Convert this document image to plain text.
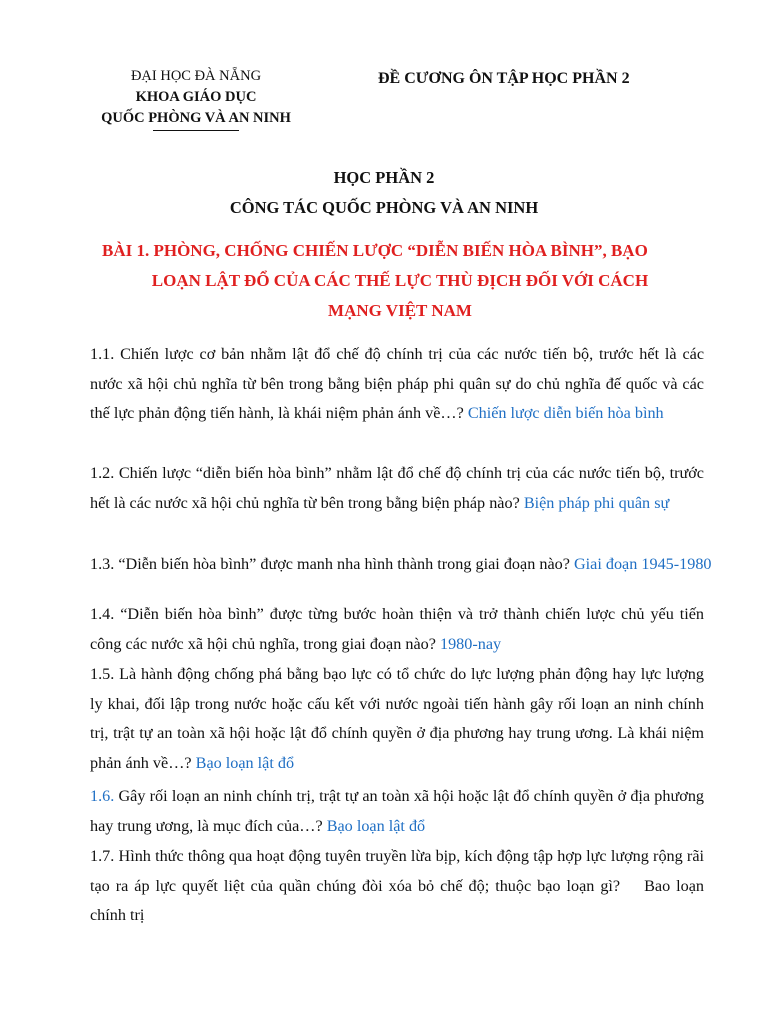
ĐẠI HỌC ĐÀ NẴNG
KHOA GIÁO DỤC
QUỐC PHÒNG VÀ AN NINH
ĐỀ CƯƠNG ÔN TẬP HỌC PHẦN 2
HỌC PHẦN 2
CÔNG TÁC QUỐC PHÒNG VÀ AN NINH
BÀI 1. PHÒNG, CHỐNG CHIẾN LƯỢC “DIỄN BIẾN HÒA BÌNH”, BẠO
LOẠN LẬT ĐỔ CỦA CÁC THẾ LỰC THÙ ĐỊCH ĐỐI VỚI CÁCH
MẠNG VIỆT NAM
1.1. Chiến lược cơ bản nhằm lật đổ chế độ chính trị của các nước tiến bộ, trước hết là các nước xã hội chủ nghĩa từ bên trong bằng biện pháp phi quân sự do chủ nghĩa đế quốc và các thế lực phản động tiến hành, là khái niệm phản ánh về…? Chiến lược diễn biến hòa bình
1.2. Chiến lược “diễn biến hòa bình” nhằm lật đổ chế độ chính trị của các nước tiến bộ, trước hết là các nước xã hội chủ nghĩa từ bên trong bằng biện pháp nào? Biện pháp phi quân sự
1.3. “Diễn biến hòa bình” được manh nha hình thành trong giai đoạn nào? Giai đoạn 1945-1980
1.4. “Diễn biến hòa bình” được từng bước hoàn thiện và trở thành chiến lược chủ yếu tiến công các nước xã hội chủ nghĩa, trong giai đoạn nào? 1980-nay
1.5. Là hành động chống phá bằng bạo lực có tổ chức do lực lượng phản động hay lực lượng ly khai, đối lập trong nước hoặc cấu kết với nước ngoài tiến hành gây rối loạn an ninh chính trị, trật tự an toàn xã hội hoặc lật đổ chính quyền ở địa phương hay trung ương. Là khái niệm phản ánh về…? Bạo loạn lật đổ
1.6. Gây rối loạn an ninh chính trị, trật tự an toàn xã hội hoặc lật đổ chính quyền ở địa phương hay trung ương, là mục đích của…? Bạo loạn lật đổ
1.7. Hình thức thông qua hoạt động tuyên truyền lừa bịp, kích động tập hợp lực lượng rộng rãi tạo ra áp lực quyết liệt của quần chúng đòi xóa bỏ chế độ; thuộc bạo loạn gì? Bao loạn chính trị
